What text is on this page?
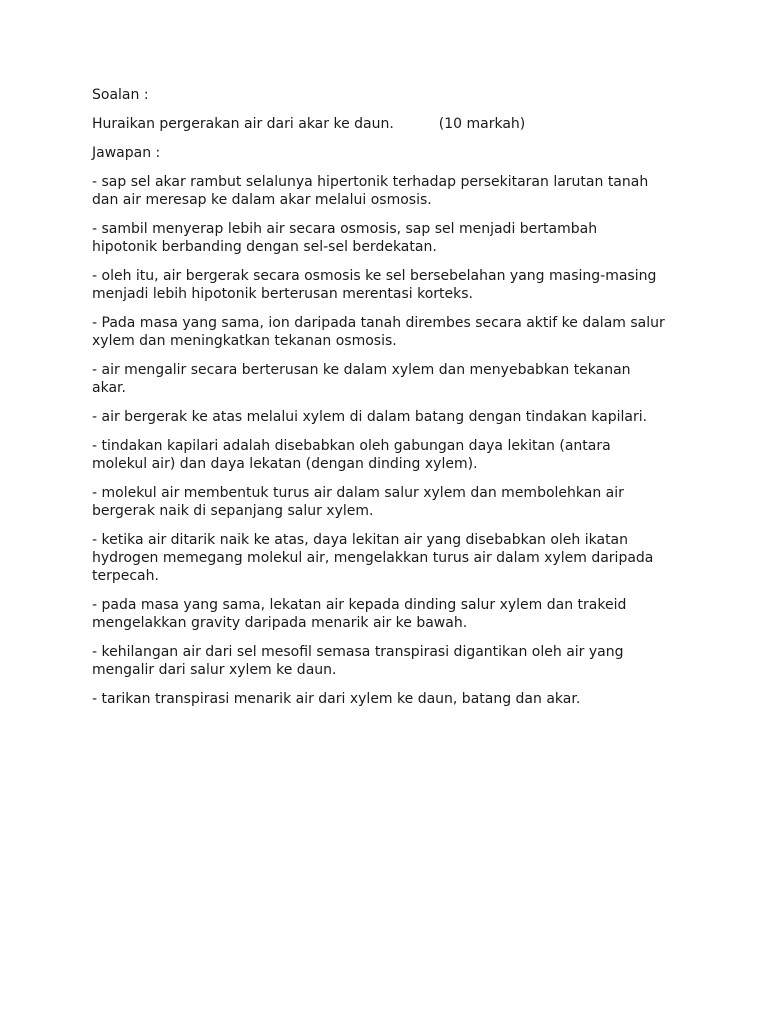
Soalan :

Huraikan pergerakan air dari akar ke daun.	(10 markah)

Jawapan :

- sap sel akar rambut selalunya hipertonik terhadap persekitaran larutan tanah

dan air meresap ke dalam akar melalui osmosis.

- sambil menyerap lebih air secara osmosis, sap sel menjadi bertambah

hipotonik berbanding dengan sel-sel berdekatan.

- oleh itu, air bergerak secara osmosis ke sel bersebelahan yang masing-masing

menjadi lebih hipotonik berterusan merentasi korteks.

- Pada masa yang sama, ion daripada tanah dirembes secara aktif ke dalam salur

xylem dan meningkatkan tekanan osmosis.

- air mengalir secara berterusan ke dalam xylem dan menyebabkan tekanan

akar.

- air bergerak ke atas melalui xylem di dalam batang dengan tindakan kapilari.

- tindakan kapilari adalah disebabkan oleh gabungan daya lekitan (antara

molekul air) dan daya lekatan (dengan dinding xylem).

- molekul air membentuk turus air dalam salur xylem dan membolehkan air

bergerak naik di sepanjang salur xylem.

- ketika air ditarik naik ke atas, daya lekitan air yang disebabkan oleh ikatan

hydrogen memegang molekul air, mengelakkan turus air dalam xylem daripada

terpecah.

- pada masa yang sama, lekatan air kepada dinding salur xylem dan trakeid

mengelakkan gravity daripada menarik air ke bawah.

- kehilangan air dari sel mesofil semasa transpirasi digantikan oleh air yang

mengalir dari salur xylem ke daun.

- tarikan transpirasi menarik air dari xylem ke daun, batang dan akar.
